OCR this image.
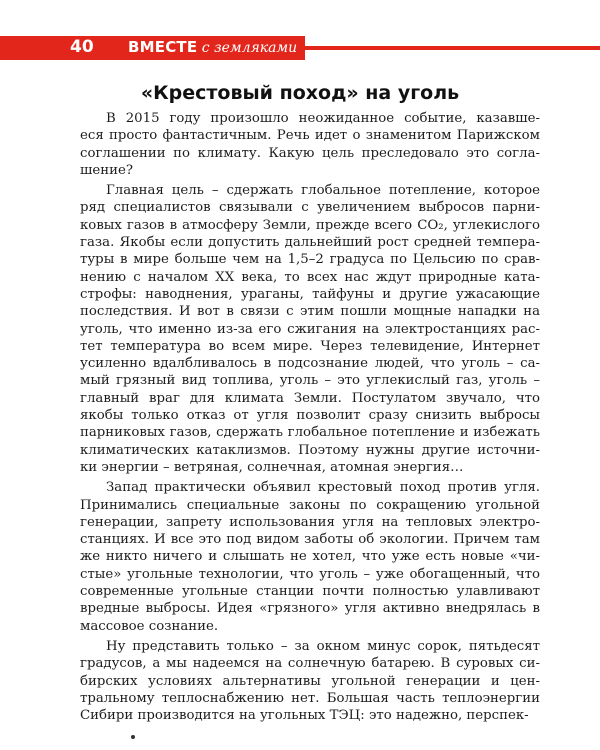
40 ВМЕСТЕ с земляками
«Крестовый поход» на уголь

В 2015 году произошло неожиданное событие, казавше-
еся просто фантастичным. Речь идет о знаменитом Парижском
соглашении по климату. Какую цель преследовало это согла-
шение?

Главная цель – сдержать глобальное потепление, которое
ряд специалистов связывали с увеличением выбросов парни-
ковых газов в атмосферу Земли, прежде всего CO₂, углекислого
газа. Якобы если допустить дальнейший рост средней темпера-
туры в мире больше чем на 1,5–2 градуса по Цельсию по срав-
нению с началом XX века, то всех нас ждут природные ката-
строфы: наводнения, ураганы, тайфуны и другие ужасающие
последствия. И вот в связи с этим пошли мощные нападки на
уголь, что именно из-за его сжигания на электростанциях рас-
тет температура во всем мире. Через телевидение, Интернет
усиленно вдалбливалось в подсознание людей, что уголь – са-
мый грязный вид топлива, уголь – это углекислый газ, уголь –
главный враг для климата Земли. Постулатом звучало, что
якобы только отказ от угля позволит сразу снизить выбросы
парниковых газов, сдержать глобальное потепление и избежать
климатических катаклизмов. Поэтому нужны другие источни-
ки энергии – ветряная, солнечная, атомная энергия…

Запад практически объявил крестовый поход против угля.
Принимались специальные законы по сокращению угольной
генерации, запрету использования угля на тепловых электро-
станциях. И все это под видом заботы об экологии. Причем там
же никто ничего и слышать не хотел, что уже есть новые «чи-
стые» угольные технологии, что уголь – уже обогащенный, что
современные угольные станции почти полностью улавливают
вредные выбросы. Идея «грязного» угля активно внедрялась в
массовое сознание.

Ну представить только – за окном минус сорок, пятьдесят
градусов, а мы надеемся на солнечную батарею. В суровых си-
бирских условиях альтернативы угольной генерации и цен-
тральному теплоснабжению нет. Большая часть теплоэнергии
Сибири производится на угольных ТЭЦ: это надежно, перспек-
